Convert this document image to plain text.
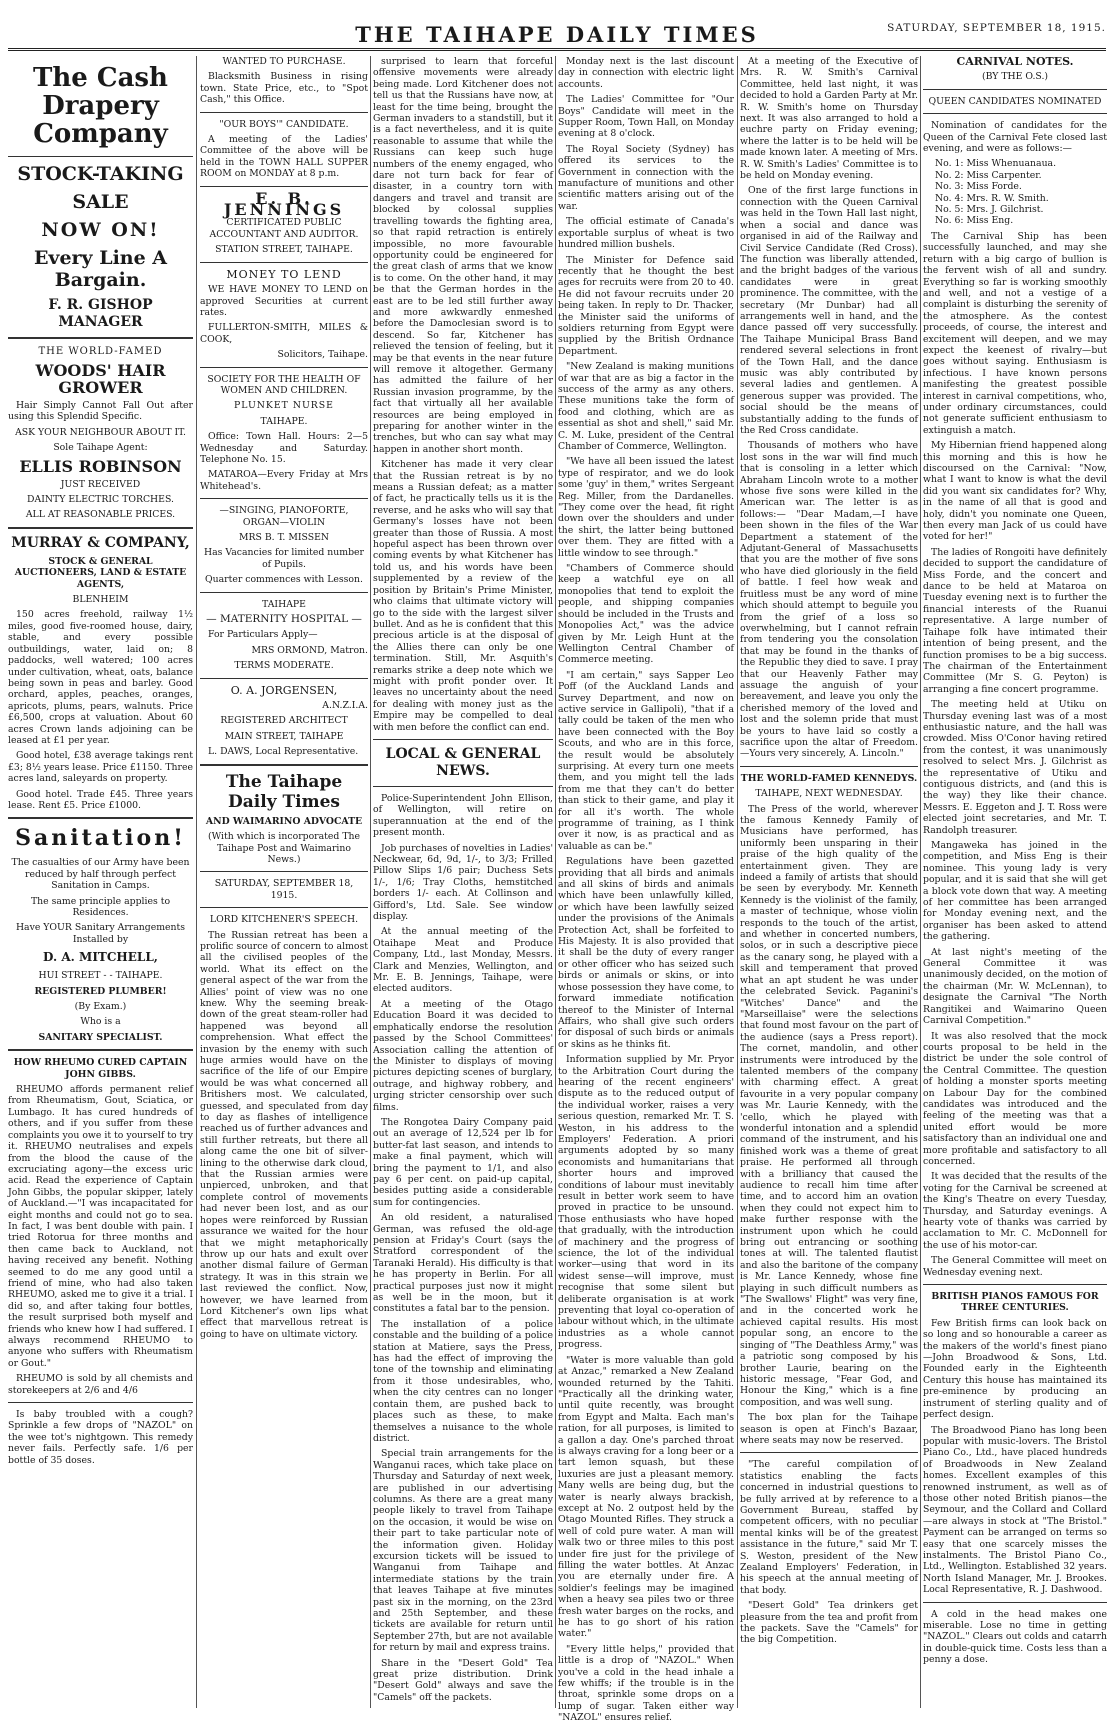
THE TAIHAPE DAILY TIMES	SATURDAY, SEPTEMBER 18, 1915.
The Cash Drapery Company
STOCK-TAKING
SALE
NOW ON!
Every Line A Bargain.
F. R. GISHOP MANAGER
THE WORLD-FAMED
WOODS' HAIR GROWER

Hair Simply Cannot Fall Out after using this Splendid Specific.

ASK YOUR NEIGHBOUR ABOUT IT.

Sole Taihape Agent:

ELLIS ROBINSON

JUST RECEIVED

DAINTY ELECTRIC TORCHES.

ALL AT REASONABLE PRICES.

MURRAY & COMPANY,

STOCK & GENERAL AUCTIONEERS, LAND & ESTATE AGENTS,

BLENHEIM

150 acres freehold, railway 1½ miles, good five-roomed house, dairy, stable, and every possible outbuildings, water, laid on; 8 paddocks, well watered; 100 acres under cultivation, wheat, oats, balance being sown in peas and barley. Good orchard, apples, peaches, oranges, apricots, plums, pears, walnuts. Price £6,500, crops at valuation. About 60 acres Crown lands adjoining can be leased at £1 per year.

Good hotel, £38 average takings rent £3; 8½ years lease. Price £1150. Three acres land, saleyards on property.

Good hotel. Trade £45. Three years lease. Rent £5. Price £1000.

Sanitation!

The casualties of our Army have been reduced by half through perfect Sanitation in Camps.

The same principle applies to Residences.

Have YOUR Sanitary Arrangements Installed by

D. A. MITCHELL,

HUI STREET - - TAIHAPE.

REGISTERED PLUMBER!

(By Exam.)

Who is a

SANITARY SPECIALIST.

HOW RHEUMO CURED CAPTAIN JOHN GIBBS.

RHEUMO affords permanent relief from Rheumatism, Gout, Sciatica, or Lumbago. It has cured hundreds of others, and if you suffer from these complaints you owe it to yourself to try it. RHEUMO neutralises and expels from the blood the cause of the excruciating agony—the excess uric acid. Read the experience of Captain John Gibbs, the popular skipper, lately of Auckland.—"I was incapacitated for eight months and could not go to sea. In fact, I was bent double with pain. I tried Rotorua for three months and then came back to Auckland, not having received any benefit. Nothing seemed to do me any good until a friend of mine, who had also taken RHEUMO, asked me to give it a trial. I did so, and after taking four bottles, the result surprised both myself and friends who knew how I had suffered. I always recommend RHEUMO to anyone who suffers with Rheumatism or Gout."

RHEUMO is sold by all chemists and storekeepers at 2/6 and 4/6

Is baby troubled with a cough? Sprinkle a few drops of "NAZOL" on the wee tot's nightgown. This remedy never fails. Perfectly safe. 1/6 per bottle of 35 doses.

WANTED TO PURCHASE.

Blacksmith Business in rising town. State Price, etc., to "Spot Cash," this Office.

"OUR BOYS'" CANDIDATE.

A meeting of the Ladies' Committee of the above will be held in the TOWN HALL SUPPER ROOM on MONDAY at 8 p.m.

E. B. JENNINGS

CERTIFICATED PUBLIC ACCOUNTANT AND AUDITOR.

STATION STREET, TAIHAPE.

MONEY TO LEND

WE HAVE MONEY TO LEND on approved Securities at current rates.

FULLERTON-SMITH, MILES & COOK,

Solicitors, Taihape.

SOCIETY FOR THE HEALTH OF WOMEN AND CHILDREN.

PLUNKET NURSE

TAIHAPE.

Office: Town Hall. Hours: 2—5 Wednesday and Saturday. Telephone No. 15.

MATAROA—Every Friday at Mrs Whitehead's.

—SINGING, PIANOFORTE, ORGAN—VIOLIN

MRS B. T. MISSEN

Has Vacancies for limited number of Pupils.

Quarter commences with Lesson.

TAIHAPE

— MATERNITY HOSPITAL —

For Particulars Apply—

MRS ORMOND, Matron.

TERMS MODERATE.

O. A. JORGENSEN,

A.N.Z.I.A.

REGISTERED ARCHITECT

MAIN STREET, TAIHAPE

L. DAWS, Local Representative.

The Taihape Daily Times

AND WAIMARINO ADVOCATE

(With which is incorporated The Taihape Post and Waimarino News.)

SATURDAY, SEPTEMBER 18, 1915.

LORD KITCHENER'S SPEECH.

The Russian retreat has been a prolific source of concern to almost all the civilised peoples of the world. What its effect on the general aspect of the war from the Allies' point of view was no one knew. Why the seeming break-down of the great steam-roller had happened was beyond all comprehension. What effect the invasion by the enemy with such huge armies would have on the sacrifice of the life of our Empire would be was what concerned all Britishers most. We calculated, guessed, and speculated from day to day as flashes of intelligence reached us of further advances and still further retreats, but there all along came the one bit of silver-lining to the otherwise dark cloud, that the Russian armies were unpierced, unbroken, and that complete control of movements had never been lost, and as our hopes were reinforced by Russian assurance we waited for the hour that we might metaphorically throw up our hats and exult over another dismal failure of German strategy. It was in this strain we last reviewed the conflict. Now, however, we have learned from Lord Kitchener's own lips what effect that marvellous retreat is going to have on ultimate victory.

surprised to learn that forceful offensive movements were already being made. Lord Kitchener does not tell us that the Russians have now, at least for the time being, brought the German invaders to a standstill, but it is a fact nevertheless, and it is quite reasonable to assume that while the Russians can keep such huge numbers of the enemy engaged, who dare not turn back for fear of disaster, in a country torn with dangers and travel and transit are blocked by colossal supplies travelling towards the fighting area, so that rapid retraction is entirely impossible, no more favourable opportunity could be engineered for the great clash of arms that we know is to come. On the other hand, it may be that the German hordes in the east are to be led still further away and more awkwardly enmeshed before the Damoclesian sword is to descend. So far, Kitchener has relieved the tension of feeling, but it may be that events in the near future will remove it altogether. Germany has admitted the failure of her Russian invasion programme, by the fact that virtually all her available resources are being employed in preparing for another winter in the trenches, but who can say what may happen in another short month.

Kitchener has made it very clear that the Russian retreat is by no means a Russian defeat; as a matter of fact, he practically tells us it is the reverse, and he asks who will say that Germany's losses have not been greater than those of Russia. A most hopeful aspect has been thrown over coming events by what Kitchener has told us, and his words have been supplemented by a review of the position by Britain's Prime Minister, who claims that ultimate victory will go to the side with the largest silver bullet. And as he is confident that this precious article is at the disposal of the Allies there can only be one termination. Still, Mr. Asquith's remarks strike a deep note which we might with profit ponder over. It leaves no uncertainty about the need for dealing with money just as the Empire may be compelled to deal with men before the conflict can end.

LOCAL & GENERAL NEWS.

Police-Superintendent John Ellison, of Wellington, will retire on superannuation at the end of the present month.

Job purchases of novelties in Ladies' Neckwear, 6d, 9d, 1/-, to 3/3; Frilled Pillow Slips 1/6 pair; Duchess Sets 1/-, 1/6; Tray Cloths, hemstitched borders 1/- each. At Collinson and Gifford's, Ltd. Sale. See window display.

At the annual meeting of the Otaihape Meat and Produce Company, Ltd., last Monday, Messrs. Clark and Menzies, Wellington, and Mr. E. B. Jennings, Taihape, were elected auditors.

At a meeting of the Otago Education Board it was decided to emphatically endorse the resolution passed by the School Committees' Association calling the attention of the Minister to displays of moving pictures depicting scenes of burglary, outrage, and highway robbery, and urging stricter censorship over such films.

The Rongotea Dairy Company paid out an average of 12,524 per lb for butter-fat last season, and intends to make a final payment, which will bring the payment to 1/1, and also pay 6 per cent. on paid-up capital, besides putting aside a considerable sum for contingencies.

An old resident, a naturalised German, was refused the old-age pension at Friday's Court (says the Stratford correspondent of the Taranaki Herald). His difficulty is that he has property in Berlin. For all practical purposes just now it might as well be in the moon, but it constitutes a fatal bar to the pension.

The installation of a police constable and the building of a police station at Matiere, says the Press, has had the effect of improving the tone of the township and eliminating from it those undesirables, who, when the city centres can no longer contain them, are pushed back to places such as these, to make themselves a nuisance to the whole district.

Special train arrangements for the Wanganui races, which take place on Thursday and Saturday of next week, are published in our advertising columns. As there are a great many people likely to travel from Taihape on the occasion, it would be wise on their part to take particular note of the information given. Holiday excursion tickets will be issued to Wanganui from Taihape and intermediate stations by the train that leaves Taihape at five minutes past six in the morning, on the 23rd and 25th September, and these tickets are available for return until September 27th, but are not available for return by mail and express trains.

Share in the "Desert Gold" Tea great prize distribution. Drink "Desert Gold" always and save the "Camels" off the packets.

Monday next is the last discount day in connection with electric light accounts.

The Ladies' Committee for "Our Boys" Candidate will meet in the Supper Room, Town Hall, on Monday evening at 8 o'clock.

The Royal Society (Sydney) has offered its services to the Government in connection with the manufacture of munitions and other scientific matters arising out of the war.

The official estimate of Canada's exportable surplus of wheat is two hundred million bushels.

The Minister for Defence said recently that he thought the best ages for recruits were from 20 to 40. He did not favour recruits under 20 being taken. In reply to Dr. Thacker, the Minister said the uniforms of soldiers returning from Egypt were supplied by the British Ordnance Department.

"New Zealand is making munitions of war that are as big a factor in the success of the army as any others. These munitions take the form of food and clothing, which are as essential as shot and shell," said Mr. C. M. Luke, president of the Central Chamber of Commerce, Wellington.

"We have all been issued the latest type of respirator, and we do look some 'guy' in them," writes Sergeant Reg. Miller, from the Dardanelles. "They come over the head, fit right down over the shoulders and under the shirt, the latter being buttoned over them. They are fitted with a little window to see through."

"Chambers of Commerce should keep a watchful eye on all monopolies that tend to exploit the people, and shipping companies should be included in the Trusts and Monopolies Act," was the advice given by Mr. Leigh Hunt at the Wellington Central Chamber of Commerce meeting.

"I am certain," says Sapper Leo Poff (of the Auckland Lands and Survey Department, and now on active service in Gallipoli), "that if a tally could be taken of the men who have been connected with the Boy Scouts, and who are in this force, the result would be absolutely surprising. At every turn one meets them, and you might tell the lads from me that they can't do better than stick to their game, and play it for all it's worth. The whole programme of training, as I think over it now, is as practical and as valuable as can be."

Regulations have been gazetted providing that all birds and animals and all skins of birds and animals which have been unlawfully killed, or which have been lawfully seized under the provisions of the Animals Protection Act, shall be forfeited to His Majesty. It is also provided that it shall be the duty of every ranger or other officer who has seized such birds or animals or skins, or into whose possession they have come, to forward immediate notification thereof to the Minister of Internal Affairs, who shall give such orders for disposal of such birds or animals or skins as he thinks fit.

Information supplied by Mr. Pryor to the Arbitration Court during the hearing of the recent engineers' dispute as to the reduced output of the individual worker, raises a very serious question, remarked Mr. T. S. Weston, in his address to the Employers' Federation. A priori arguments adopted by so many economists and humanitarians that shorter hours and improved conditions of labour must inevitably result in better work seem to have proved in practice to be unsound. Those enthusiasts who have hoped that gradually, with the introduction of machinery and the progress of science, the lot of the individual worker—using that word in its widest sense—will improve, must recognise that some silent but deliberate organisation is at work preventing that loyal co-operation of labour without which, in the ultimate industries as a whole cannot progress.

"Water is more valuable than gold at Anzac," remarked a New Zealand wounded returned by the Tahiti. "Practically all the drinking water, until quite recently, was brought from Egypt and Malta. Each man's ration, for all purposes, is limited to a gallon a day. One's parched throat is always craving for a long beer or a tart lemon squash, but these luxuries are just a pleasant memory. Many wells are being dug, but the water is nearly always brackish, except at No. 2 outpost held by the Otago Mounted Rifles. They struck a well of cold pure water. A man will walk two or three miles to this post under fire just for the privilege of filling the water bottles. At Anzac you are eternally under fire. A soldier's feelings may be imagined when a heavy sea piles two or three fresh water barges on the rocks, and he has to go short of his ration water."

"Every little helps," provided that little is a drop of "NAZOL." When you've a cold in the head inhale a few whiffs; if the trouble is in the throat, sprinkle some drops on a lump of sugar. Taken either way "NAZOL" ensures relief.

At a meeting of the Executive of Mrs. R. W. Smith's Carnival Committee, held last night, it was decided to hold a Garden Party at Mr. R. W. Smith's home on Thursday next. It was also arranged to hold a euchre party on Friday evening; where the latter is to be held will be made known later. A meeting of Mrs. R. W. Smith's Ladies' Committee is to be held on Monday evening.

One of the first large functions in connection with the Queen Carnival was held in the Town Hall last night, when a social and dance was organised in aid of the Railway and Civil Service Candidate (Red Cross). The function was liberally attended, and the bright badges of the various candidates were in great prominence. The committee, with the secretary (Mr Dunbar) had all arrangements well in hand, and the dance passed off very successfully. The Taihape Municipal Brass Band rendered several selections in front of the Town Hall, and the dance music was ably contributed by several ladies and gentlemen. A generous supper was provided. The social should be the means of substantially adding to the funds of the Red Cross candidate.

Thousands of mothers who have lost sons in the war will find much that is consoling in a letter which Abraham Lincoln wrote to a mother whose five sons were killed in the American war. The letter is as follows:— "Dear Madam,—I have been shown in the files of the War Department a statement of the Adjutant-General of Massachusetts that you are the mother of five sons who have died gloriously in the field of battle. I feel how weak and fruitless must be any word of mine which should attempt to beguile you from the grief of a loss so overwhelming, but I cannot refrain from tendering you the consolation that may be found in the thanks of the Republic they died to save. I pray that our Heavenly Father may assuage the anguish of your bereavement, and leave you only the cherished memory of the loved and lost and the solemn pride that must be yours to have laid so costly a sacrifice upon the altar of Freedom.—Yours very sincerely, A. Lincoln."

THE WORLD-FAMED KENNEDYS.

TAIHAPE, NEXT WEDNESDAY.

The Press of the world, wherever the famous Kennedy Family of Musicians have performed, has uniformly been unsparing in their praise of the high quality of the entertainment given. They are indeed a family of artists that should be seen by everybody. Mr. Kenneth Kennedy is the violinist of the family, a master of technique, whose violin responds to the touch of the artist, and whether in concerted numbers, solos, or in such a descriptive piece as the canary song, he played with a skill and temperament that proved what an apt student he was under the celebrated Sevick. Paganini's "Witches' Dance" and the "Marseillaise" were the selections that found most favour on the part of the audience (says a Press report). The cornet, mandolin, and other instruments were introduced by the talented members of the company with charming effect. A great favourite in a very popular company was Mr. Laurie Kennedy, with the 'cello, which he played with wonderful intonation and a splendid command of the instrument, and his finished work was a theme of great praise. He performed all through with a brilliancy that caused the audience to recall him time after time, and to accord him an ovation when they could not expect him to make further response with the instrument upon which he could bring out entrancing or soothing tones at will. The talented flautist and also the baritone of the company is Mr. Lance Kennedy, whose fine playing in such difficult numbers as "The Swallows' Flight" was very fine, and in the concerted work he achieved capital results. His most popular song, an encore to the singing of "The Deathless Army," was a patriotic song composed by his brother Laurie, bearing on the historic message, "Fear God, and Honour the King," which is a fine composition, and was well sung.

The box plan for the Taihape season is open at Finch's Bazaar, where seats may now be reserved.

"The careful compilation of statistics enabling the facts concerned in industrial questions to be fully arrived at by reference to a Government Bureau, staffed by competent officers, with no peculiar mental kinks will be of the greatest assistance in the future," said Mr T. S. Weston, president of the New Zealand Employers' Federation, in his speech at the annual meeting of that body.

"Desert Gold" Tea drinkers get pleasure from the tea and profit from the packets. Save the "Camels" for the big Competition.

CARNIVAL NOTES.

(BY THE O.S.)

QUEEN CANDIDATES NOMINATED

Nomination of candidates for the Queen of the Carnival Fete closed last evening, and were as follows:—

No. 1: Miss Whenuanaua.
No. 2: Miss Carpenter.
No. 3: Miss Forde.
No. 4: Mrs. R. W. Smith.
No. 5: Mrs. J. Gilchrist.
No. 6: Miss Eng.

The Carnival Ship has been successfully launched, and may she return with a big cargo of bullion is the fervent wish of all and sundry. Everything so far is working smoothly and well, and not a vestige of a complaint is disturbing the serenity of the atmosphere. As the contest proceeds, of course, the interest and excitement will deepen, and we may expect the keenest of rivalry—but goes without saying. Enthusiasm is infectious. I have known persons manifesting the greatest possible interest in carnival competitions, who, under ordinary circumstances, could not generate sufficient enthusiasm to extinguish a match.

My Hibernian friend happened along this morning and this is how he discoursed on the Carnival: "Now, what I want to know is what the devil did you want six candidates for? Why, in the name of all that is good and holy, didn't you nominate one Queen, then every man Jack of us could have voted for her!"

The ladies of Rongoiti have definitely decided to support the candidature of Miss Forde, and the concert and dance to be held at Mataroa on Tuesday evening next is to further the financial interests of the Ruanui representative. A large number of Taihape folk have intimated their intention of being present, and the function promises to be a big success. The chairman of the Entertainment Committee (Mr S. G. Peyton) is arranging a fine concert programme.

The meeting held at Utiku on Thursday evening last was of a most enthusiastic nature, and the hall was crowded. Miss O'Conor having retired from the contest, it was unanimously resolved to select Mrs. J. Gilchrist as the representative of Utiku and contiguous districts, and (and this is the way) they like their chance. Messrs. E. Eggeton and J. T. Ross were elected joint secretaries, and Mr. T. Randolph treasurer.

Mangaweka has joined in the competition, and Miss Eng is their nominee. This young lady is very popular, and it is said that she will get a block vote down that way. A meeting of her committee has been arranged for Monday evening next, and the organiser has been asked to attend the gathering.

At last night's meeting of the General Committee it was unanimously decided, on the motion of the chairman (Mr. W. McLennan), to designate the Carnival "The North Rangitikei and Waimarino Queen Carnival Competition."

It was also resolved that the mock courts proposal to be held in the district be under the sole control of the Central Committee. The question of holding a monster sports meeting on Labour Day for the combined candidates was introduced and the feeling of the meeting was that a united effort would be more satisfactory than an individual one and more profitable and satisfactory to all concerned.

It was decided that the results of the voting for the Carnival be screened at the King's Theatre on every Tuesday, Thursday, and Saturday evenings. A hearty vote of thanks was carried by acclamation to Mr. C. McDonnell for the use of his motor-car.

The General Committee will meet on Wednesday evening next.

BRITISH PIANOS FAMOUS FOR THREE CENTURIES.

Few British firms can look back on so long and so honourable a career as the makers of the world's finest piano—John Broadwood & Sons, Ltd. Founded early in the Eighteenth Century this house has maintained its pre-eminence by producing an instrument of sterling quality and of perfect design.

The Broadwood Piano has long been popular with music-lovers. The Bristol Piano Co., Ltd., have placed hundreds of Broadwoods in New Zealand homes. Excellent examples of this renowned instrument, as well as of those other noted British pianos—the Seymour, and the Collard and Collard—are always in stock at "The Bristol." Payment can be arranged on terms so easy that one scarcely misses the instalments. The Bristol Piano Co., Ltd., Wellington. Established 32 years. North Island Manager, Mr. J. Brookes. Local Representative, R. J. Dashwood.

A cold in the head makes one miserable. Lose no time in getting "NAZOL." Clears out colds and catarrh in double-quick time. Costs less than a penny a dose.
